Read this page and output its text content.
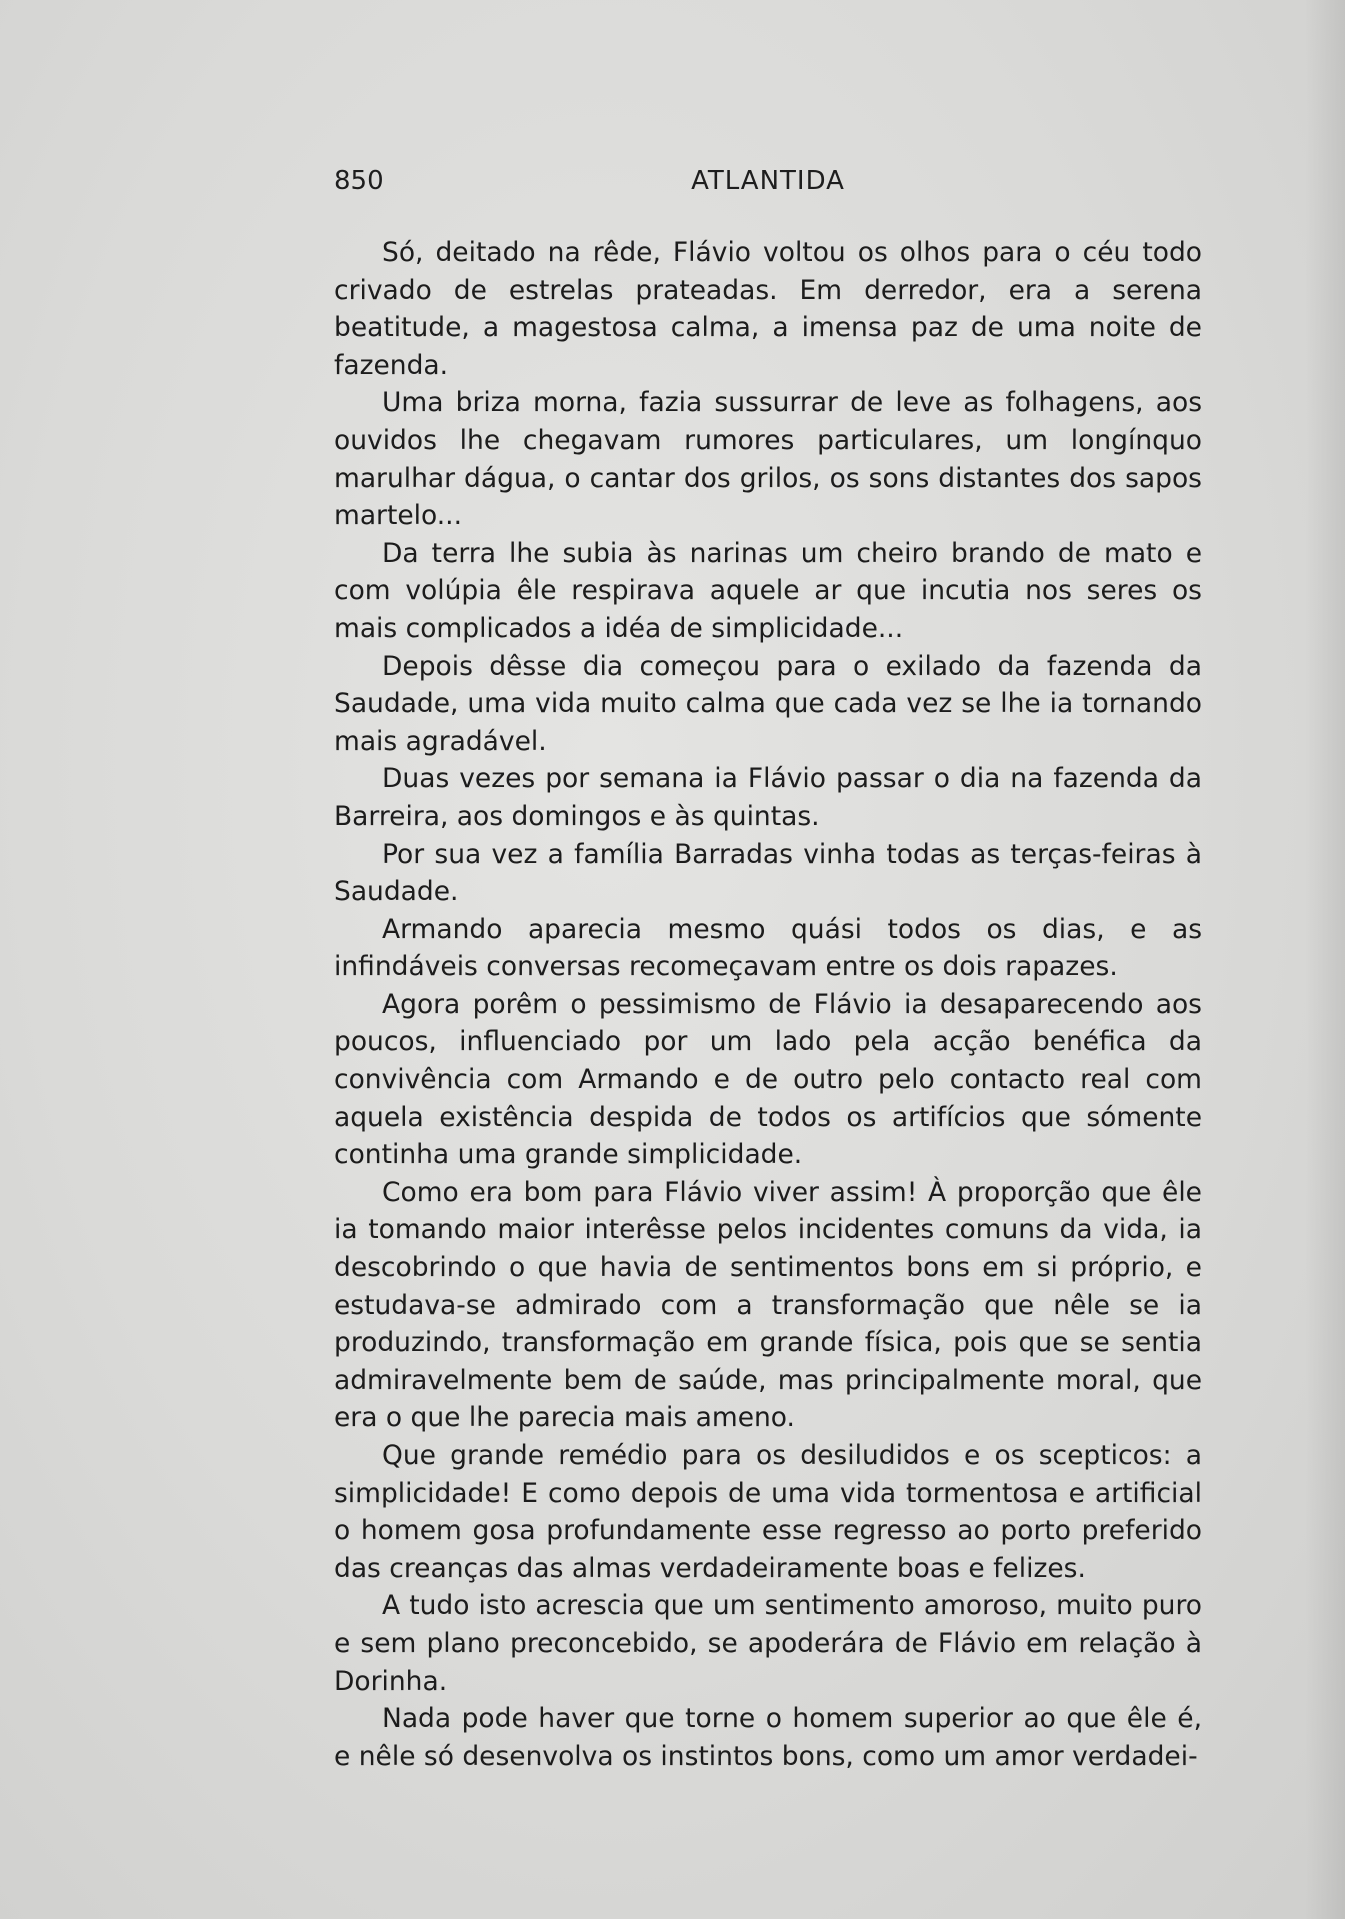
850	ATLANTIDA

Só, deitado na rêde, Flávio voltou os olhos para o céu todo crivado de estrelas prateadas. Em derredor, era a serena beatitude, a magestosa calma, a imensa paz de uma noite de fazenda.

Uma briza morna, fazia sussurrar de leve as folhagens, aos ouvidos lhe chegavam rumores particulares, um longínquo marulhar dágua, o cantar dos grilos, os sons distantes dos sapos martelo...

Da terra lhe subia às narinas um cheiro brando de mato e com volúpia êle respirava aquele ar que incutia nos seres os mais complicados a idéa de simplicidade...

Depois dêsse dia começou para o exilado da fazenda da Saudade, uma vida muito calma que cada vez se lhe ia tornando mais agradável.

Duas vezes por semana ia Flávio passar o dia na fazenda da Barreira, aos domingos e às quintas.

Por sua vez a família Barradas vinha todas as terças-feiras à Saudade.

Armando aparecia mesmo quási todos os dias, e as infindáveis conversas recomeçavam entre os dois rapazes.

Agora porêm o pessimismo de Flávio ia desaparecendo aos poucos, influenciado por um lado pela acção benéfica da convivência com Armando e de outro pelo contacto real com aquela existência despida de todos os artifícios que sómente continha uma grande simplicidade.

Como era bom para Flávio viver assim! À proporção que êle ia tomando maior interêsse pelos incidentes comuns da vida, ia descobrindo o que havia de sentimentos bons em si próprio, e estudava-se admirado com a transformação que nêle se ia produzindo, transformação em grande física, pois que se sentia admiravelmente bem de saúde, mas principalmente moral, que era o que lhe parecia mais ameno.

Que grande remédio para os desiludidos e os scepticos: a simplicidade! E como depois de uma vida tormentosa e artificial o homem gosa profundamente esse regresso ao porto preferido das creanças das almas verdadeiramente boas e felizes.

A tudo isto acrescia que um sentimento amoroso, muito puro e sem plano preconcebido, se apoderára de Flávio em relação à Dorinha.

Nada pode haver que torne o homem superior ao que êle é, e nêle só desenvolva os instintos bons, como um amor verdadei-
